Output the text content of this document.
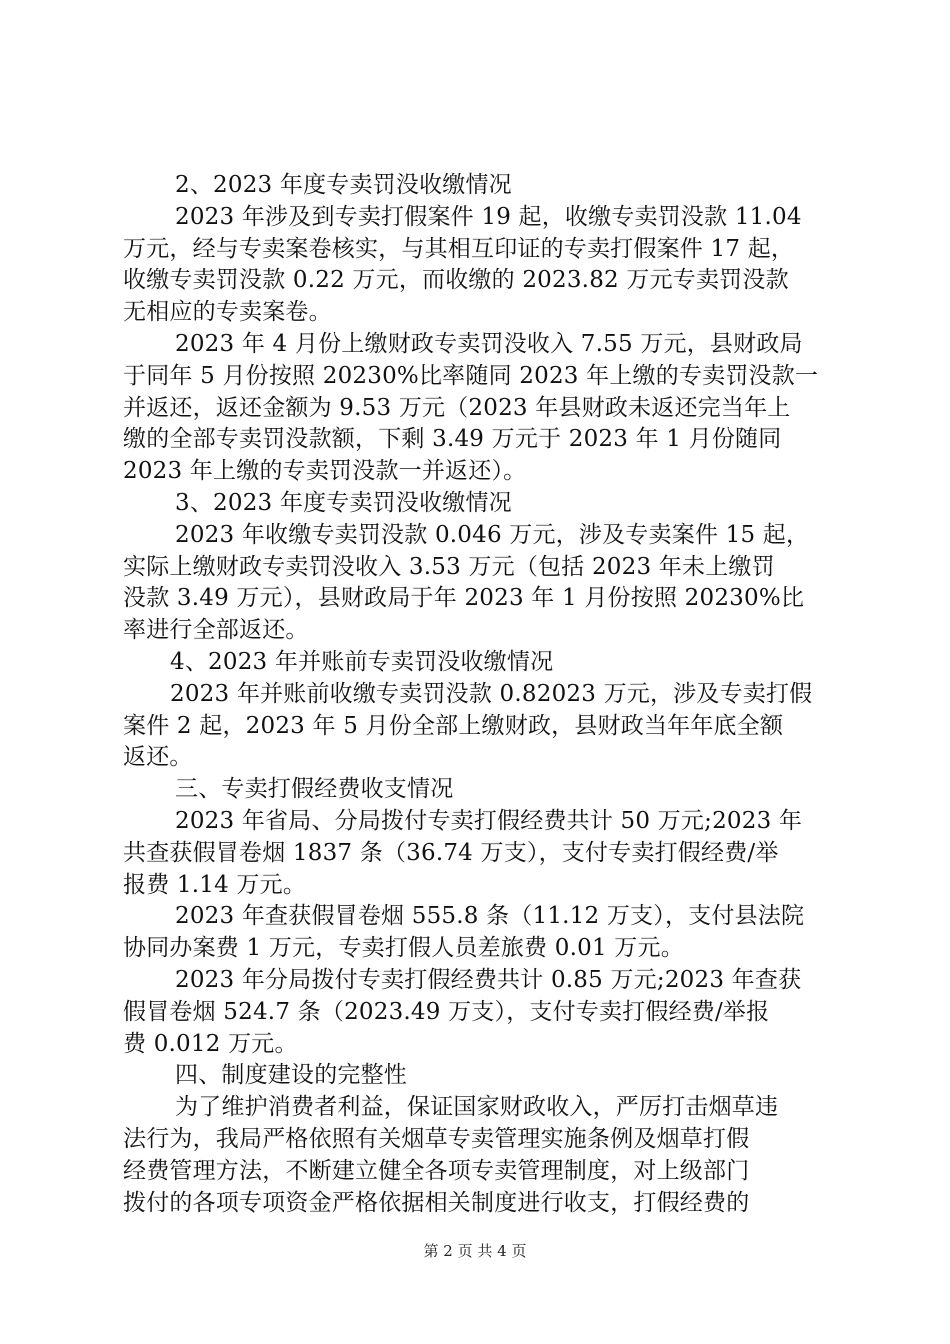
2、2023 年度专卖罚没收缴情况
2023 年涉及到专卖打假案件 19 起，收缴专卖罚没款 11.04
万元，经与专卖案卷核实，与其相互印证的专卖打假案件 17 起，
收缴专卖罚没款 0.22 万元，而收缴的 2023.82 万元专卖罚没款
无相应的专卖案卷。
2023 年 4 月份上缴财政专卖罚没收入 7.55 万元，县财政局
于同年 5 月份按照 20230%比率随同 2023 年上缴的专卖罚没款一
并返还，返还金额为 9.53 万元（2023 年县财政未返还完当年上
缴的全部专卖罚没款额，下剩 3.49 万元于 2023 年 1 月份随同
2023 年上缴的专卖罚没款一并返还）。
3、2023 年度专卖罚没收缴情况
2023 年收缴专卖罚没款 0.046 万元，涉及专卖案件 15 起，
实际上缴财政专卖罚没收入 3.53 万元（包括 2023 年未上缴罚
没款 3.49 万元），县财政局于年 2023 年 1 月份按照 20230%比
率进行全部返还。
4、2023 年并账前专卖罚没收缴情况
2023 年并账前收缴专卖罚没款 0.82023 万元，涉及专卖打假
案件 2 起，2023 年 5 月份全部上缴财政，县财政当年年底全额
返还。
三、专卖打假经费收支情况
2023 年省局、分局拨付专卖打假经费共计 50 万元;2023 年
共查获假冒卷烟 1837 条（36.74 万支），支付专卖打假经费/举
报费 1.14 万元。
2023 年查获假冒卷烟 555.8 条（11.12 万支），支付县法院
协同办案费 1 万元，专卖打假人员差旅费 0.01 万元。
2023 年分局拨付专卖打假经费共计 0.85 万元;2023 年查获
假冒卷烟 524.7 条（2023.49 万支），支付专卖打假经费/举报
费 0.012 万元。
四、制度建设的完整性
为了维护消费者利益，保证国家财政收入，严厉打击烟草违
法行为，我局严格依照有关烟草专卖管理实施条例及烟草打假
经费管理方法，不断建立健全各项专卖管理制度，对上级部门
拨付的各项专项资金严格依据相关制度进行收支，打假经费的
第 2 页 共 4 页
